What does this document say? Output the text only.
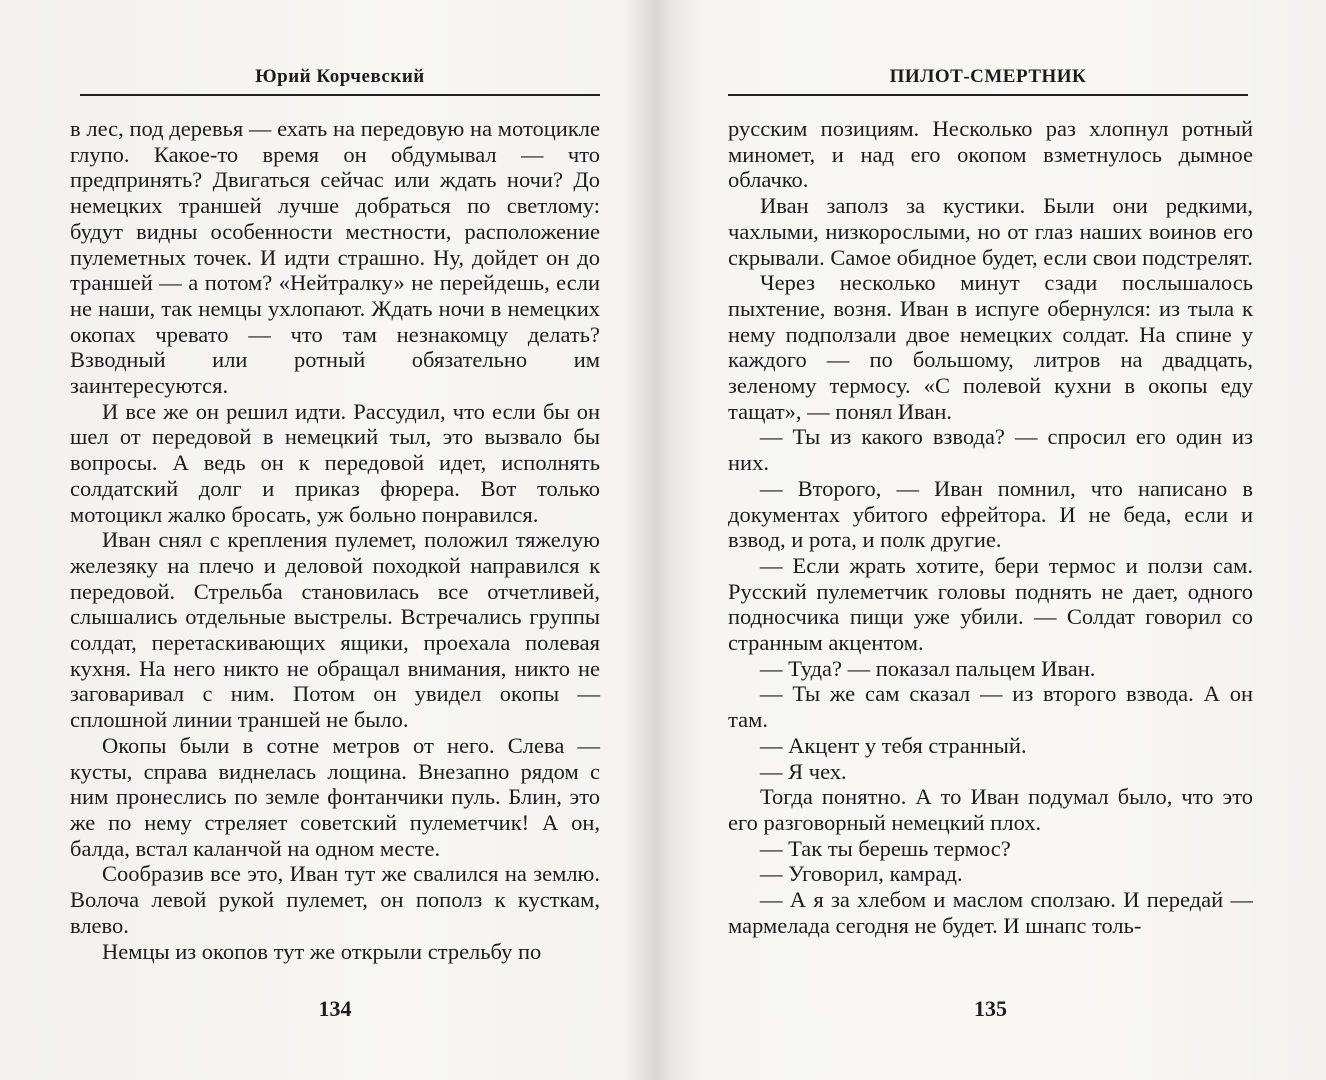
Юрий Корчевский

в лес, под деревья — ехать на передовую на мотоцикле глупо. Какое-то время он обдумывал — что предпринять? Двигаться сейчас или ждать ночи? До немецких траншей лучше добраться по светлому: будут видны особенности местности, расположение пулеметных точек. И идти страшно. Ну, дойдет он до траншей — а потом? «Нейтралку» не перейдешь, если не наши, так немцы ухлопают. Ждать ночи в немецких окопах чревато — что там незнакомцу делать? Взводный или ротный обязательно им заинтересуются.

И все же он решил идти. Рассудил, что если бы он шел от передовой в немецкий тыл, это вызвало бы вопросы. А ведь он к передовой идет, исполнять солдатский долг и приказ фюрера. Вот только мотоцикл жалко бросать, уж больно понравился.

Иван снял с крепления пулемет, положил тяжелую железяку на плечо и деловой походкой направился к передовой. Стрельба становилась все отчетливей, слышались отдельные выстрелы. Встречались группы солдат, перетаскивающих ящики, проехала полевая кухня. На него никто не обращал внимания, никто не заговаривал с ним. Потом он увидел окопы — сплошной линии траншей не было.

Окопы были в сотне метров от него. Слева — кусты, справа виднелась лощина. Внезапно рядом с ним пронеслись по земле фонтанчики пуль. Блин, это же по нему стреляет советский пулеметчик! А он, балда, встал каланчой на одном месте.

Сообразив все это, Иван тут же свалился на землю. Волоча левой рукой пулемет, он пополз к кусткам, влево.

Немцы из окопов тут же открыли стрельбу по

134
ПИЛОТ-СМЕРТНИК

русским позициям. Несколько раз хлопнул ротный миномет, и над его окопом взметнулось дымное облачко.

Иван заполз за кустики. Были они редкими, чахлыми, низкорослыми, но от глаз наших воинов его скрывали. Самое обидное будет, если свои подстрелят.

Через несколько минут сзади послышалось пыхтение, возня. Иван в испуге обернулся: из тыла к нему подползали двое немецких солдат. На спине у каждого — по большому, литров на двадцать, зеленому термосу. «С полевой кухни в окопы еду тащат», — понял Иван.

— Ты из какого взвода? — спросил его один из них.

— Второго, — Иван помнил, что написано в документах убитого ефрейтора. И не беда, если и взвод, и рота, и полк другие.

— Если жрать хотите, бери термос и ползи сам. Русский пулеметчик головы поднять не дает, одного подносчика пищи уже убили. — Солдат говорил со странным акцентом.

— Туда? — показал пальцем Иван.

— Ты же сам сказал — из второго взвода. А он там.

— Акцент у тебя странный.

— Я чех.

Тогда понятно. А то Иван подумал было, что это его разговорный немецкий плох.

— Так ты берешь термос?

— Уговорил, камрад.

— А я за хлебом и маслом сползаю. И передай — мармелада сегодня не будет. И шнапс толь-

135
